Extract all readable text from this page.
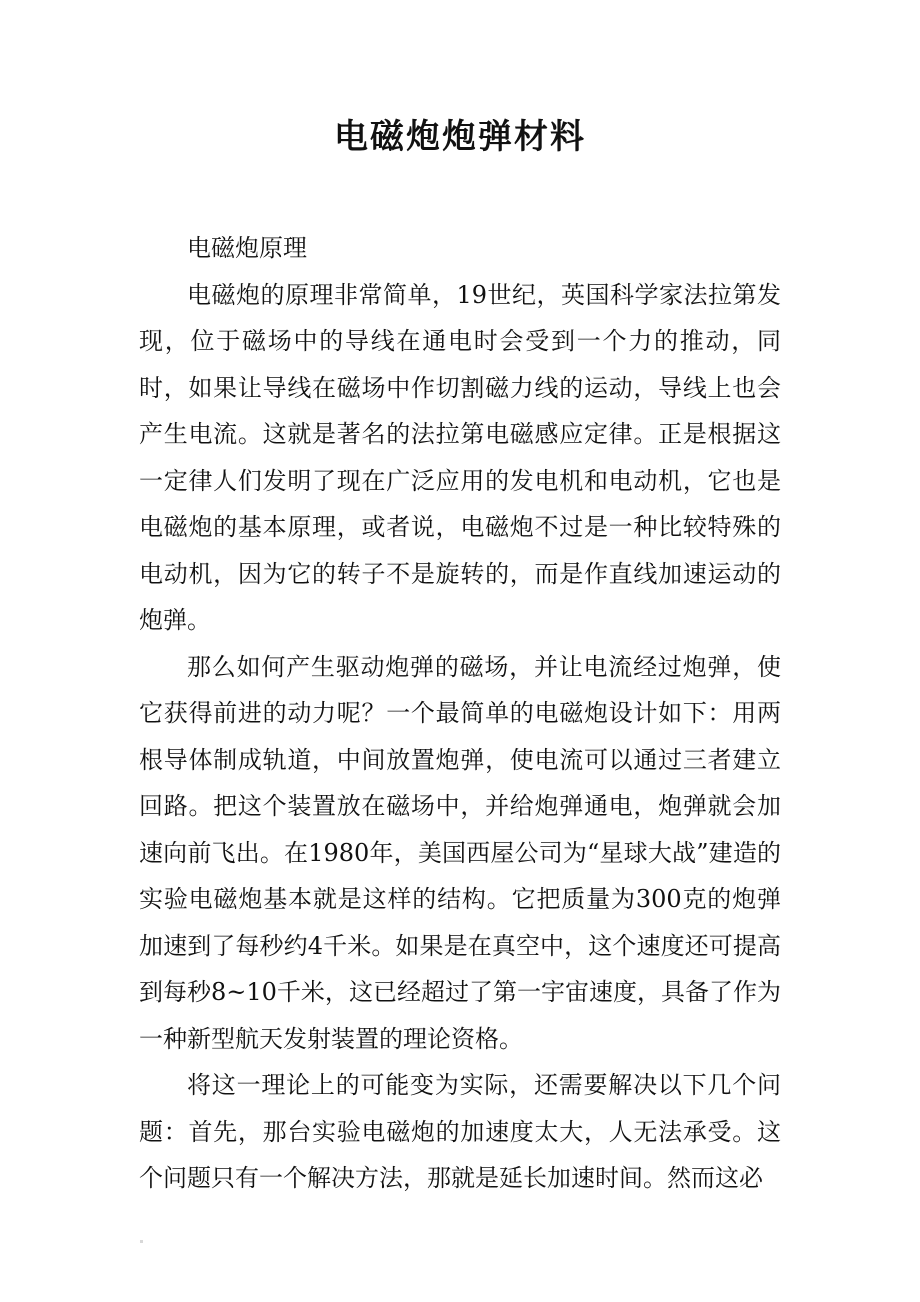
电磁炮炮弹材料

电磁炮原理

电磁炮的原理非常简单，19世纪，英国科学家法拉第发现，位于磁场中的导线在通电时会受到一个力的推动，同时，如果让导线在磁场中作切割磁力线的运动，导线上也会产生电流。这就是著名的法拉第电磁感应定律。正是根据这一定律人们发明了现在广泛应用的发电机和电动机，它也是电磁炮的基本原理，或者说，电磁炮不过是一种比较特殊的电动机，因为它的转子不是旋转的，而是作直线加速运动的炮弹。

那么如何产生驱动炮弹的磁场，并让电流经过炮弹，使它获得前进的动力呢？一个最简单的电磁炮设计如下：用两根导体制成轨道，中间放置炮弹，使电流可以通过三者建立回路。把这个装置放在磁场中，并给炮弹通电，炮弹就会加速向前飞出。在1980年，美国西屋公司为“星球大战”建造的实验电磁炮基本就是这样的结构。它把质量为300克的炮弹加速到了每秒约4千米。如果是在真空中，这个速度还可提高到每秒8~10千米，这已经超过了第一宇宙速度，具备了作为一种新型航天发射装置的理论资格。

将这一理论上的可能变为实际，还需要解决以下几个问题：首先，那台实验电磁炮的加速度太大，人无法承受。这个问题只有一个解决方法，那就是延长加速时间。然而这必
